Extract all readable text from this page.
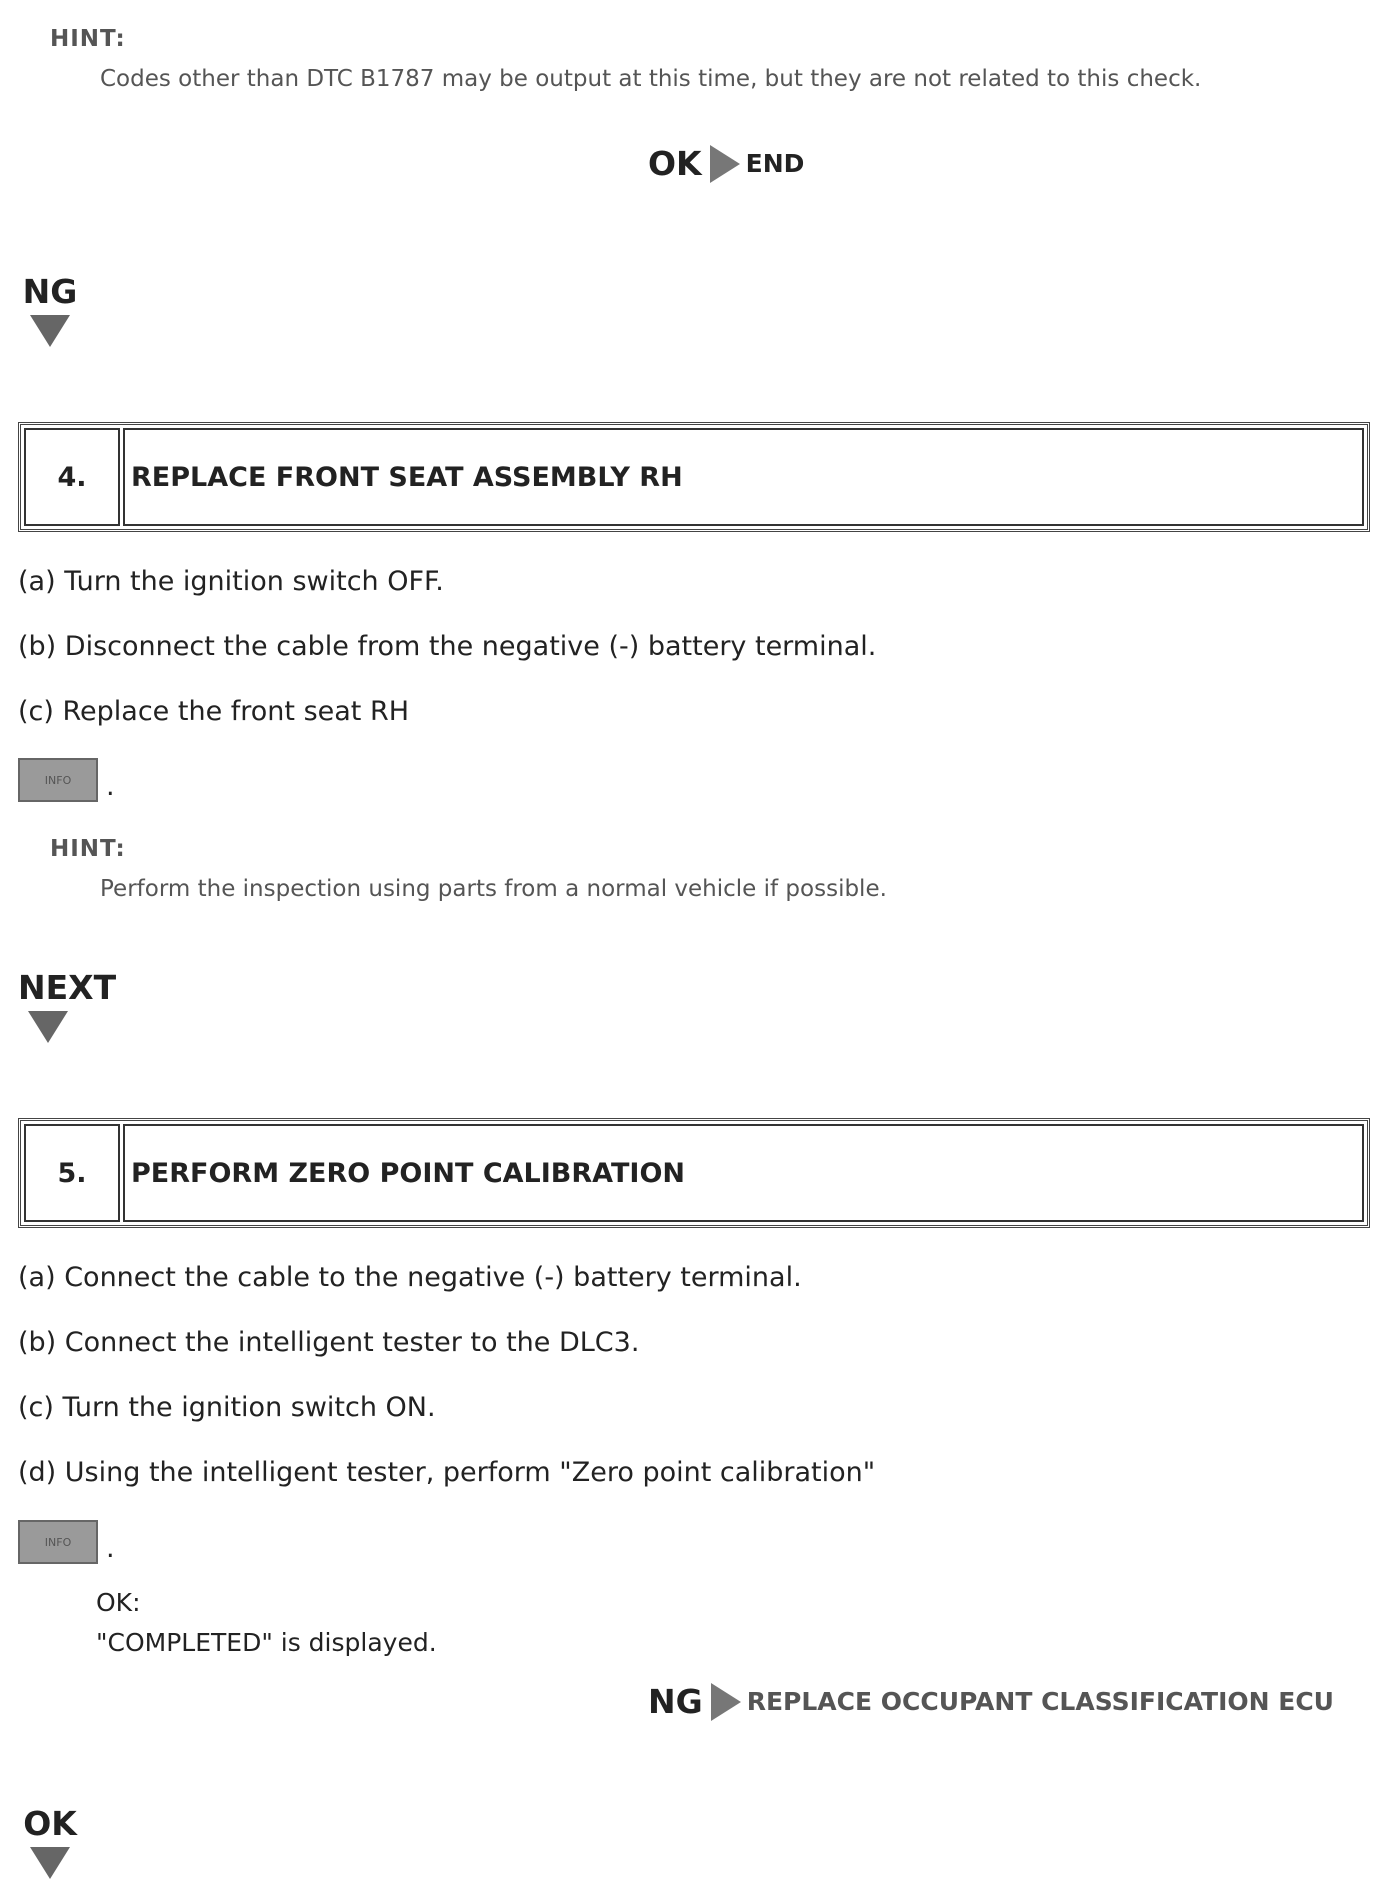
HINT:
Codes other than DTC B1787 may be output at this time, but they are not related to this check.
OK END
NG
4.	REPLACE FRONT SEAT ASSEMBLY RH
(a) Turn the ignition switch OFF.
(b) Disconnect the cable from the negative (-) battery terminal.
(c) Replace the front seat RH
INFO	.
HINT:
Perform the inspection using parts from a normal vehicle if possible.
NEXT
5.	PERFORM ZERO POINT CALIBRATION
(a) Connect the cable to the negative (-) battery terminal.
(b) Connect the intelligent tester to the DLC3.
(c) Turn the ignition switch ON.
(d) Using the intelligent tester, perform "Zero point calibration"
INFO	.
OK:
"COMPLETED" is displayed.
NG REPLACE OCCUPANT CLASSIFICATION ECU
OK
